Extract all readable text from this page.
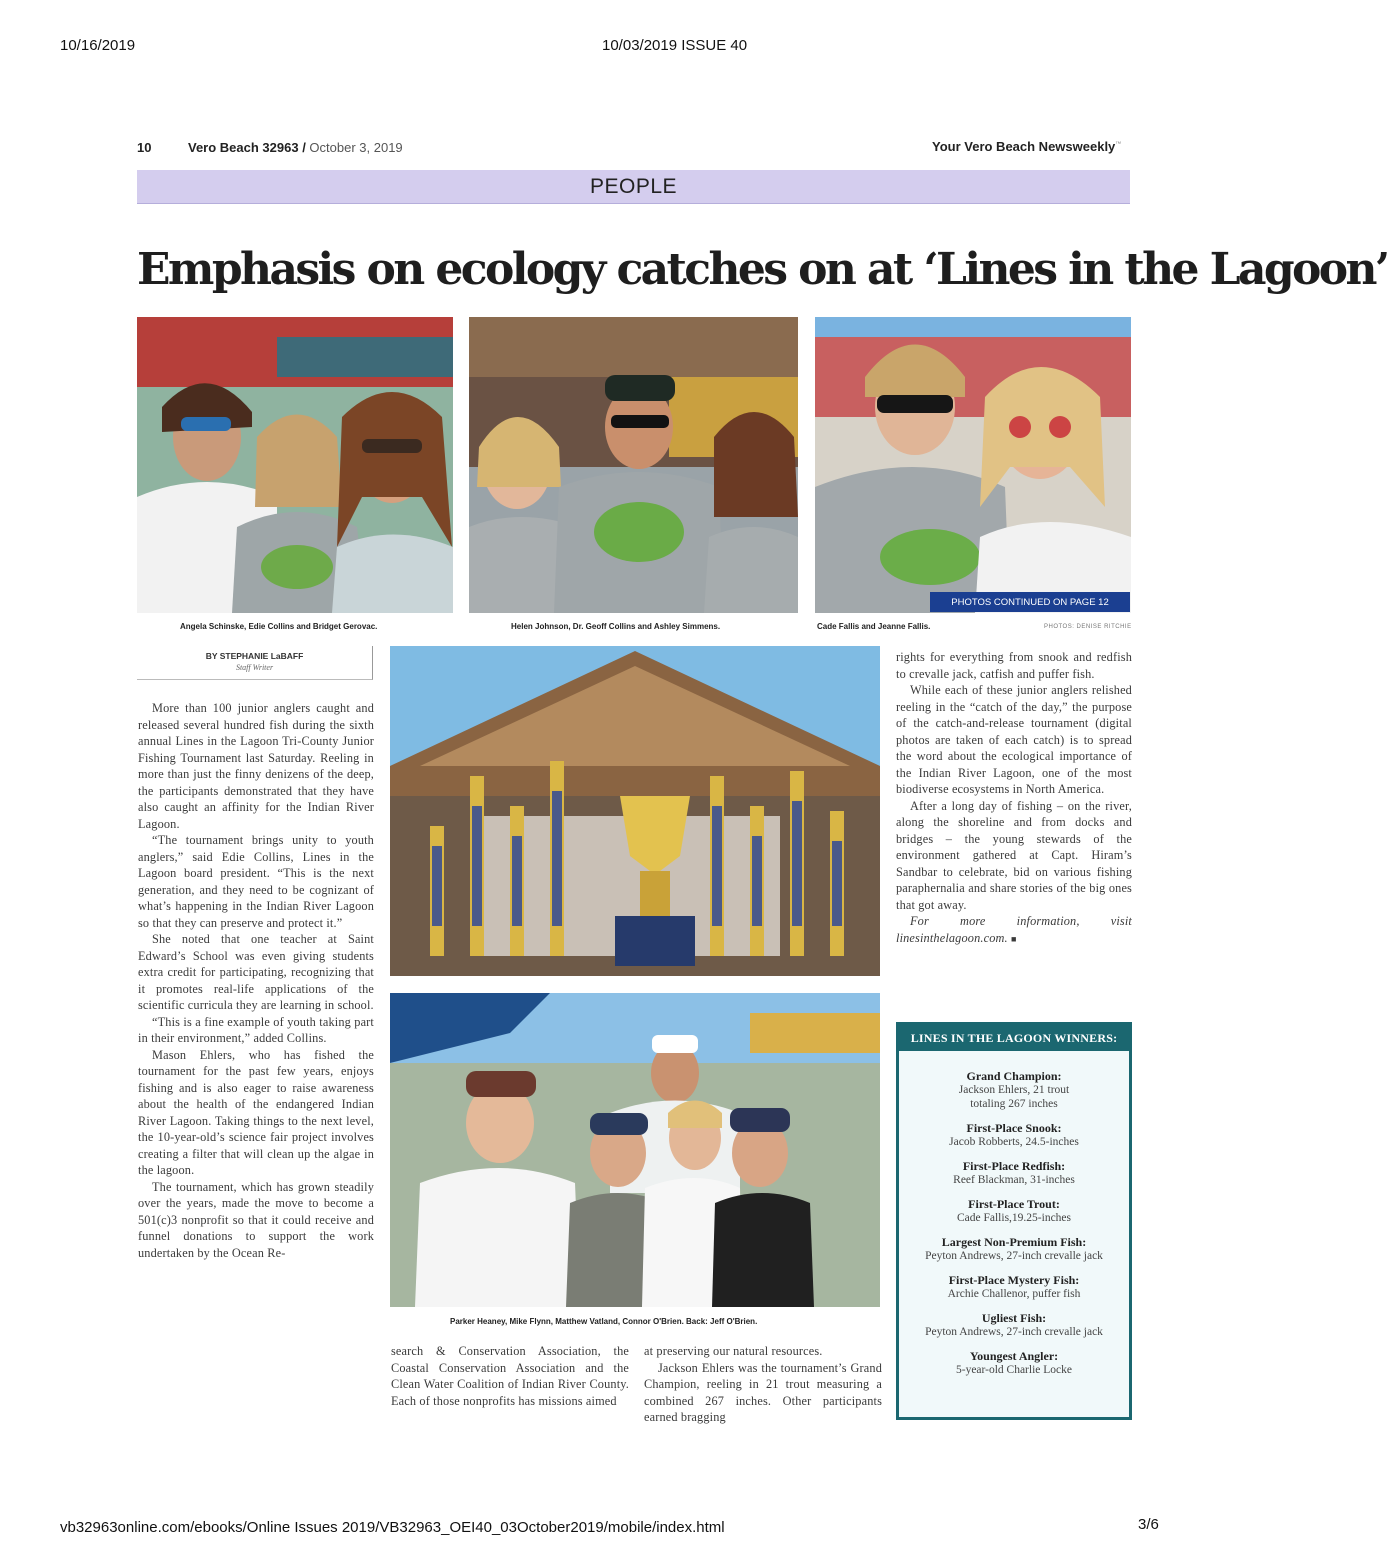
10/16/2019	10/03/2019 ISSUE 40
10	Vero Beach 32963 / October 3, 2019	Your Vero Beach Newsweekly™
PEOPLE
Emphasis on ecology catches on at ‘Lines in the Lagoon’
PHOTOS CONTINUED ON PAGE 12
Angela Schinske, Edie Collins and Bridget Gerovac.	Helen Johnson, Dr. Geoff Collins and Ashley Simmens.	Cade Fallis and Jeanne Fallis.	PHOTOS: DENISE RITCHIE
BY STEPHANIE LaBAFF
Staff Writer

More than 100 junior anglers caught and released several hundred fish during the sixth annual Lines in the Lagoon Tri-County Junior Fishing Tournament last Saturday. Reeling in more than just the finny denizens of the deep, the participants demonstrated that they have also caught an affinity for the Indian River Lagoon.

“The tournament brings unity to youth anglers,” said Edie Collins, Lines in the Lagoon board president. “This is the next generation, and they need to be cognizant of what’s happening in the Indian River Lagoon so that they can preserve and protect it.”

She noted that one teacher at Saint Edward’s School was even giving students extra credit for participating, recognizing that it promotes real-life applications of the scientific curricula they are learning in school.

“This is a fine example of youth taking part in their environment,” added Collins.

Mason Ehlers, who has fished the tournament for the past few years, enjoys fishing and is also eager to raise awareness about the health of the endangered Indian River Lagoon. Taking things to the next level, the 10-year-old’s science fair project involves creating a filter that will clean up the algae in the lagoon.

The tournament, which has grown steadily over the years, made the move to become a 501(c)3 nonprofit so that it could receive and funnel donations to support the work undertaken by the Ocean Re-

Parker Heaney, Mike Flynn, Matthew Vatland, Connor O'Brien. Back: Jeff O'Brien.

search & Conservation Association, the Coastal Conservation Association and the Clean Water Coalition of Indian River County. Each of those nonprofits has missions aimed

at preserving our natural resources.

Jackson Ehlers was the tournament’s Grand Champion, reeling in 21 trout measuring a combined 267 inches. Other participants earned bragging

rights for everything from snook and redfish to crevalle jack, catfish and puffer fish.

While each of these junior anglers relished reeling in the “catch of the day,” the purpose of the catch-and-release tournament (digital photos are taken of each catch) is to spread the word about the ecological importance of the Indian River Lagoon, one of the most biodiverse ecosystems in North America.

After a long day of fishing – on the river, along the shoreline and from docks and bridges – the young stewards of the environment gathered at Capt. Hiram’s Sandbar to celebrate, bid on various fishing paraphernalia and share stories of the big ones that got away.

For more information, visit linesinthelagoon.com. ■

LINES IN THE LAGOON WINNERS:
Grand Champion:
Jackson Ehlers, 21 trout
totaling 267 inches
First-Place Snook:
Jacob Robberts, 24.5-inches
First-Place Redfish:
Reef Blackman, 31-inches
First-Place Trout:
Cade Fallis,19.25-inches
Largest Non-Premium Fish:
Peyton Andrews, 27-inch crevalle jack
First-Place Mystery Fish:
Archie Challenor, puffer fish
Ugliest Fish:
Peyton Andrews, 27-inch crevalle jack
Youngest Angler:
5-year-old Charlie Locke
vb32963online.com/ebooks/Online Issues 2019/VB32963_OEI40_03October2019/mobile/index.html	3/6
